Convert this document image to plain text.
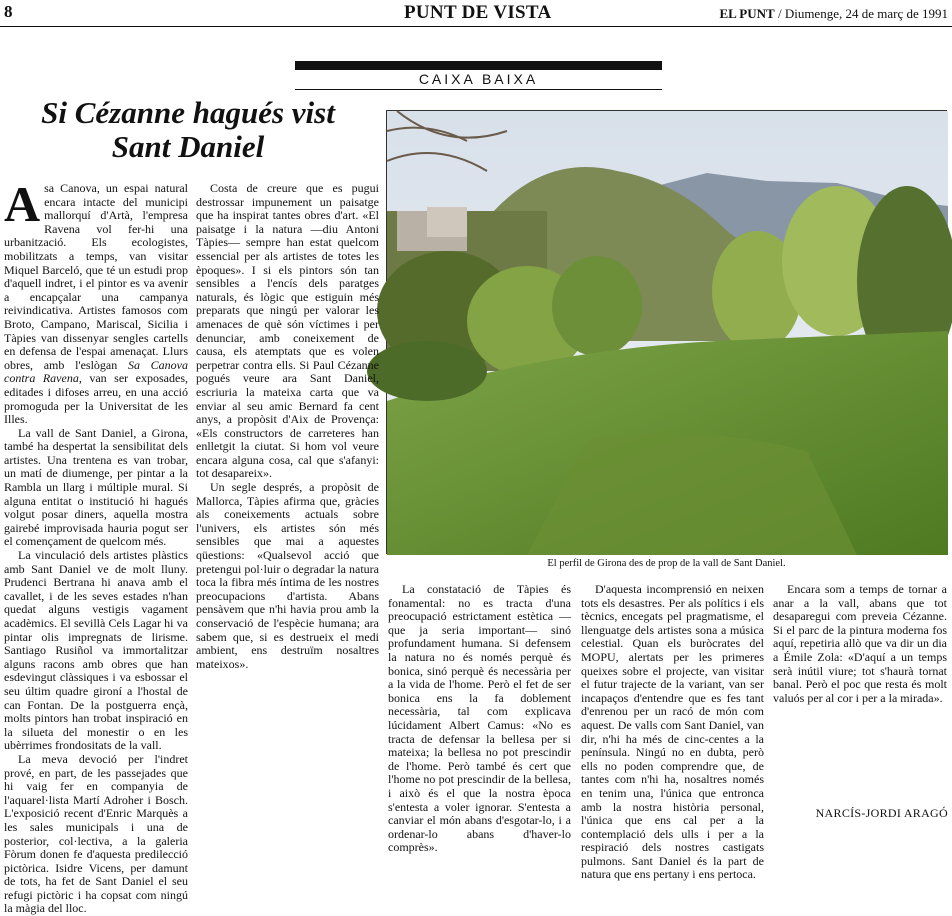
8	PUNT DE VISTA	EL PUNT / Diumenge, 24 de març de 1991
CAIXA BAIXA
Si Cézanne hagués vist
Sant Daniel
El perfil de Girona des de prop de la vall de Sant Daniel.

Asa Canova, un espai natural encara intacte del municipi mallorquí d'Artà, l'empresa Ravena vol fer-hi una urbanització. Els ecologistes, mobilitzats a temps, van visitar Miquel Barceló, que té un estudi prop d'aquell indret, i el pintor es va avenir a encapçalar una campanya reivindicativa. Artistes famosos com Broto, Campano, Mariscal, Sicilia i Tàpies van dissenyar sengles cartells en defensa de l'espai amenaçat. Llurs obres, amb l'eslògan Sa Canova contra Ravena, van ser exposades, editades i difoses arreu, en una acció promoguda per la Universitat de les Illes.

La vall de Sant Daniel, a Girona, també ha despertat la sensibilitat dels artistes. Una trentena es van trobar, un matí de diumenge, per pintar a la Rambla un llarg i múltiple mural. Si alguna entitat o institució hi hagués volgut posar diners, aquella mostra gairebé improvisada hauria pogut ser el començament de quelcom més.

La vinculació dels artistes plàstics amb Sant Daniel ve de molt lluny. Prudenci Bertrana hi anava amb el cavallet, i de les seves estades n'han quedat alguns vestigis vagament acadèmics. El sevillà Cels Lagar hi va pintar olis impregnats de lirisme. Santiago Rusiñol va immortalitzar alguns racons amb obres que han esdevingut clàssiques i va esbossar el seu últim quadre gironí a l'hostal de can Fontan. De la postguerra ençà, molts pintors han trobat inspiració en la silueta del monestir o en les ubèrrimes frondositats de la vall.

La meva devoció per l'indret prové, en part, de les passejades que hi vaig fer en companyia de l'aquarel·lista Martí Adroher i Bosch. L'exposició recent d'Enric Marquès a les sales municipals i una de posterior, col·lectiva, a la galeria Fòrum donen fe d'aquesta predilecció pictòrica. Isidre Vicens, per damunt de tots, ha fet de Sant Daniel el seu refugi pictòric i ha copsat com ningú la màgia del lloc.

Costa de creure que es pugui destrossar impunement un paisatge que ha inspirat tantes obres d'art. «El paisatge i la natura —diu Antoni Tàpies— sempre han estat quelcom essencial per als artistes de totes les èpoques». I si els pintors són tan sensibles a l'encís dels paratges naturals, és lògic que estiguin més preparats que ningú per valorar les amenaces de què són víctimes i per denunciar, amb coneixement de causa, els atemptats que es volen perpetrar contra ells. Si Paul Cézanne pogués veure ara Sant Daniel, escriuria la mateixa carta que va enviar al seu amic Bernard fa cent anys, a propòsit d'Aix de Provença: «Els constructors de carreteres han enlletgit la ciutat. Si hom vol veure encara alguna cosa, cal que s'afanyi: tot desapareix».

Un segle després, a propòsit de Mallorca, Tàpies afirma que, gràcies als coneixements actuals sobre l'univers, els artistes són més sensibles que mai a aquestes qüestions: «Qualsevol acció que pretengui pol·luir o degradar la natura toca la fibra més íntima de les nostres preocupacions d'artista. Abans pensàvem que n'hi havia prou amb la conservació de l'espècie humana; ara sabem que, si es destrueix el medi ambient, ens destruïm nosaltres mateixos».

La constatació de Tàpies és fonamental: no es tracta d'una preocupació estrictament estètica —que ja seria important— sinó profundament humana. Si defensem la natura no és només perquè és bonica, sinó perquè és necessària per a la vida de l'home. Però el fet de ser bonica ens la fa doblement necessària, tal com explicava lúcidament Albert Camus: «No es tracta de defensar la bellesa per si mateixa; la bellesa no pot prescindir de l'home. Però també és cert que l'home no pot prescindir de la bellesa, i això és el que la nostra època s'entesta a voler ignorar. S'entesta a canviar el món abans d'esgotar-lo, i a ordenar-lo abans d'haver-lo comprès».

D'aquesta incomprensió en neixen tots els desastres. Per als polítics i els tècnics, encegats pel pragmatisme, el llenguatge dels artistes sona a música celestial. Quan els buròcrates del MOPU, alertats per les primeres queixes sobre el projecte, van visitar el futur trajecte de la variant, van ser incapaços d'entendre que es fes tant d'enrenou per un racó de món com aquest. De valls com Sant Daniel, van dir, n'hi ha més de cinc-centes a la península. Ningú no en dubta, però ells no poden comprendre que, de tantes com n'hi ha, nosaltres només en tenim una, l'única que entronca amb la nostra història personal, l'única que ens cal per a la contemplació dels ulls i per a la respiració dels nostres castigats pulmons. Sant Daniel és la part de natura que ens pertany i ens pertoca.

Encara som a temps de tornar a anar a la vall, abans que tot desaparegui com preveia Cézanne. Si el parc de la pintura moderna fos aquí, repetiria allò que va dir un dia a Émile Zola: «D'aquí a un temps serà inútil viure; tot s'haurà tornat banal. Però el poc que resta és molt valuós per al cor i per a la mirada».

NARCÍS-JORDI ARAGÓ
